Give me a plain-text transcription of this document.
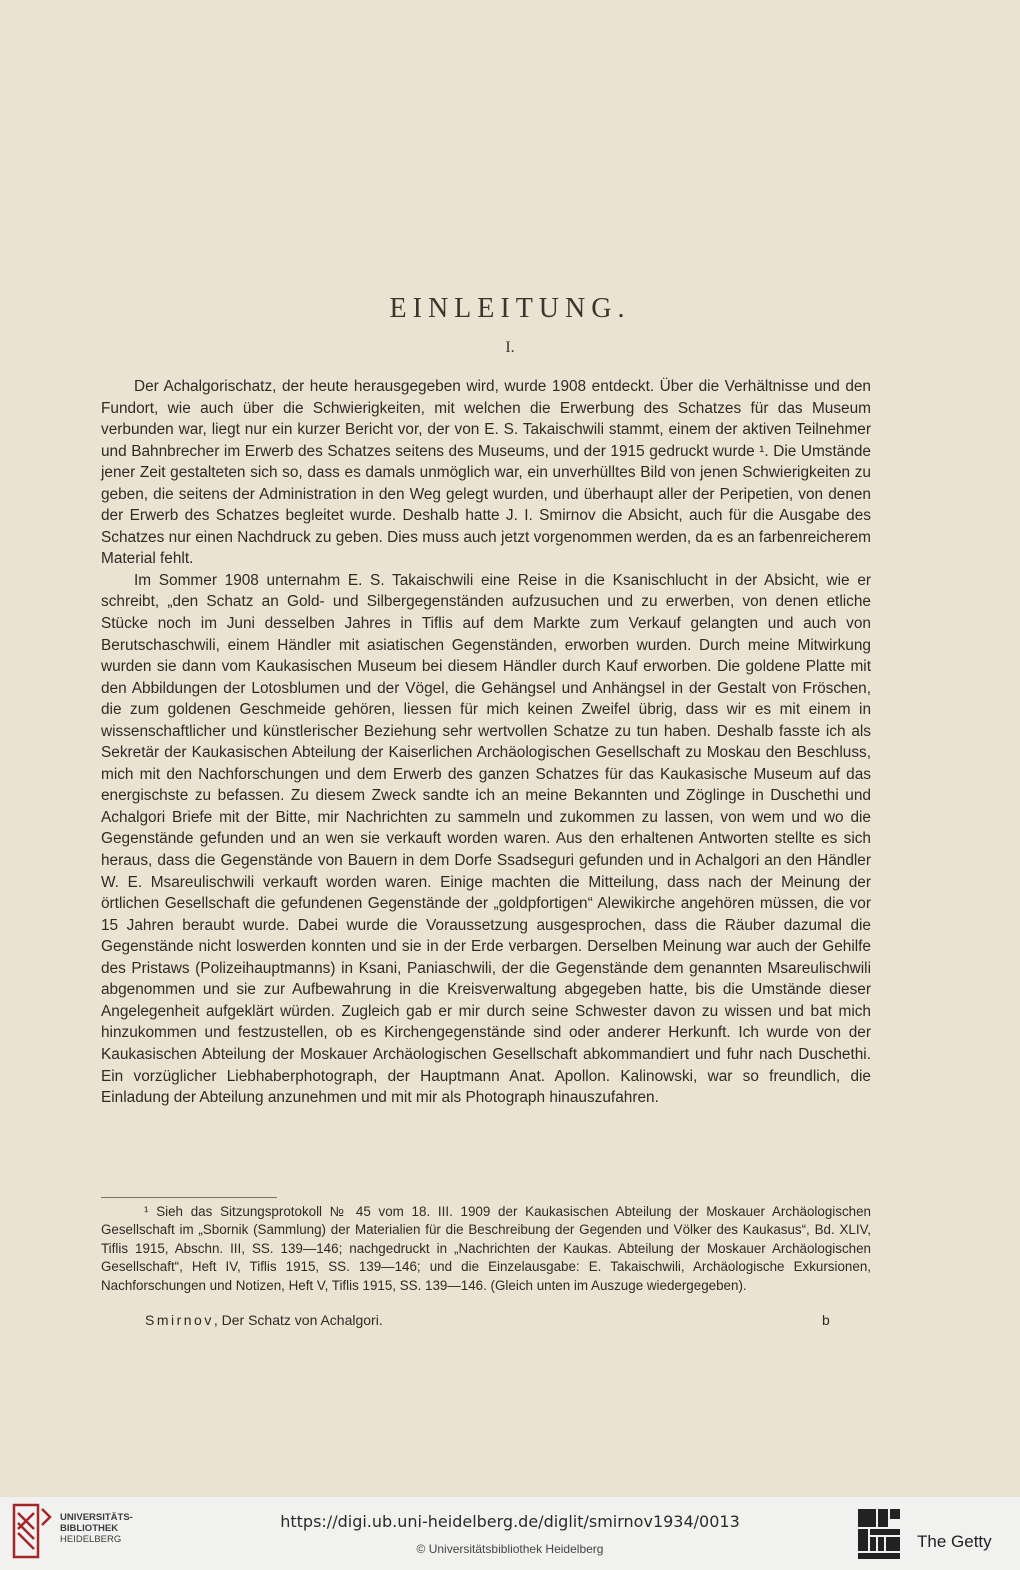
EINLEITUNG.
I.

Der Achalgorischatz, der heute herausgegeben wird, wurde 1908 entdeckt. Über die Verhältnisse und den Fundort, wie auch über die Schwierigkeiten, mit welchen die Erwerbung des Schatzes für das Museum verbunden war, liegt nur ein kurzer Bericht vor, der von E. S. Takaischwili stammt, einem der aktiven Teilnehmer und Bahnbrecher im Erwerb des Schatzes seitens des Museums, und der 1915 gedruckt wurde ¹. Die Umstände jener Zeit gestalteten sich so, dass es damals unmöglich war, ein unverhülltes Bild von jenen Schwierigkeiten zu geben, die seitens der Administration in den Weg gelegt wurden, und überhaupt aller der Peripetien, von denen der Erwerb des Schatzes begleitet wurde. Deshalb hatte J. I. Smirnov die Absicht, auch für die Ausgabe des Schatzes nur einen Nachdruck zu geben. Dies muss auch jetzt vorgenommen werden, da es an farbenreicherem Material fehlt.

Im Sommer 1908 unternahm E. S. Takaischwili eine Reise in die Ksanischlucht in der Absicht, wie er schreibt, „den Schatz an Gold- und Silbergegenständen aufzusuchen und zu erwerben, von denen etliche Stücke noch im Juni desselben Jahres in Tiflis auf dem Markte zum Verkauf gelangten und auch von Berutschaschwili, einem Händler mit asiatischen Gegenständen, erworben wurden. Durch meine Mitwirkung wurden sie dann vom Kaukasischen Museum bei diesem Händler durch Kauf erworben. Die goldene Platte mit den Abbildungen der Lotosblumen und der Vögel, die Gehängsel und Anhängsel in der Gestalt von Fröschen, die zum goldenen Geschmeide gehören, liessen für mich keinen Zweifel übrig, dass wir es mit einem in wissenschaftlicher und künstlerischer Beziehung sehr wertvollen Schatze zu tun haben. Deshalb fasste ich als Sekretär der Kaukasischen Abteilung der Kaiserlichen Archäologischen Gesellschaft zu Moskau den Beschluss, mich mit den Nachforschungen und dem Erwerb des ganzen Schatzes für das Kaukasische Museum auf das energischste zu befassen. Zu diesem Zweck sandte ich an meine Bekannten und Zöglinge in Duschethi und Achalgori Briefe mit der Bitte, mir Nachrichten zu sammeln und zukommen zu lassen, von wem und wo die Gegenstände gefunden und an wen sie verkauft worden waren. Aus den erhaltenen Antworten stellte es sich heraus, dass die Gegenstände von Bauern in dem Dorfe Ssadseguri gefunden und in Achalgori an den Händler W. E. Msareulischwili verkauft worden waren. Einige machten die Mitteilung, dass nach der Meinung der örtlichen Gesellschaft die gefundenen Gegenstände der „goldpfortigen“ Alewikirche angehören müssen, die vor 15 Jahren beraubt wurde. Dabei wurde die Voraussetzung ausgesprochen, dass die Räuber dazumal die Gegenstände nicht loswerden konnten und sie in der Erde verbargen. Derselben Meinung war auch der Gehilfe des Pristaws (Polizeihauptmanns) in Ksani, Paniaschwili, der die Gegenstände dem genannten Msareulischwili abgenommen und sie zur Aufbewahrung in die Kreisverwaltung abgegeben hatte, bis die Umstände dieser Angelegenheit aufgeklärt würden. Zugleich gab er mir durch seine Schwester davon zu wissen und bat mich hinzukommen und festzustellen, ob es Kirchengegenstände sind oder anderer Herkunft. Ich wurde von der Kaukasischen Abteilung der Moskauer Archäologischen Gesellschaft abkommandiert und fuhr nach Duschethi. Ein vorzüglicher Liebhaberphotograph, der Hauptmann Anat. Apollon. Kalinowski, war so freundlich, die Einladung der Abteilung anzunehmen und mit mir als Photograph hinauszufahren.

¹ Sieh das Sitzungsprotokoll № 45 vom 18. III. 1909 der Kaukasischen Abteilung der Moskauer Archäologischen Gesellschaft im „Sbornik (Sammlung) der Materialien für die Beschreibung der Gegenden und Völker des Kaukasus“, Bd. XLIV, Tiflis 1915, Abschn. III, SS. 139—146; nachgedruckt in „Nachrichten der Kaukas. Abteilung der Moskauer Archäologischen Gesellschaft“, Heft IV, Tiflis 1915, SS. 139—146; und die Einzelausgabe: E. Takaischwili, Archäologische Exkursionen, Nachforschungen und Notizen, Heft V, Tiflis 1915, SS. 139—146. (Gleich unten im Auszuge wiedergegeben).
Smirnov, Der Schatz von Achalgori.	b
UNIVERSITÄTS-
BIBLIOTHEK
HEIDELBERG
https://digi.ub.uni-heidelberg.de/diglit/smirnov1934/0013
© Universitätsbibliothek Heidelberg	The Getty
